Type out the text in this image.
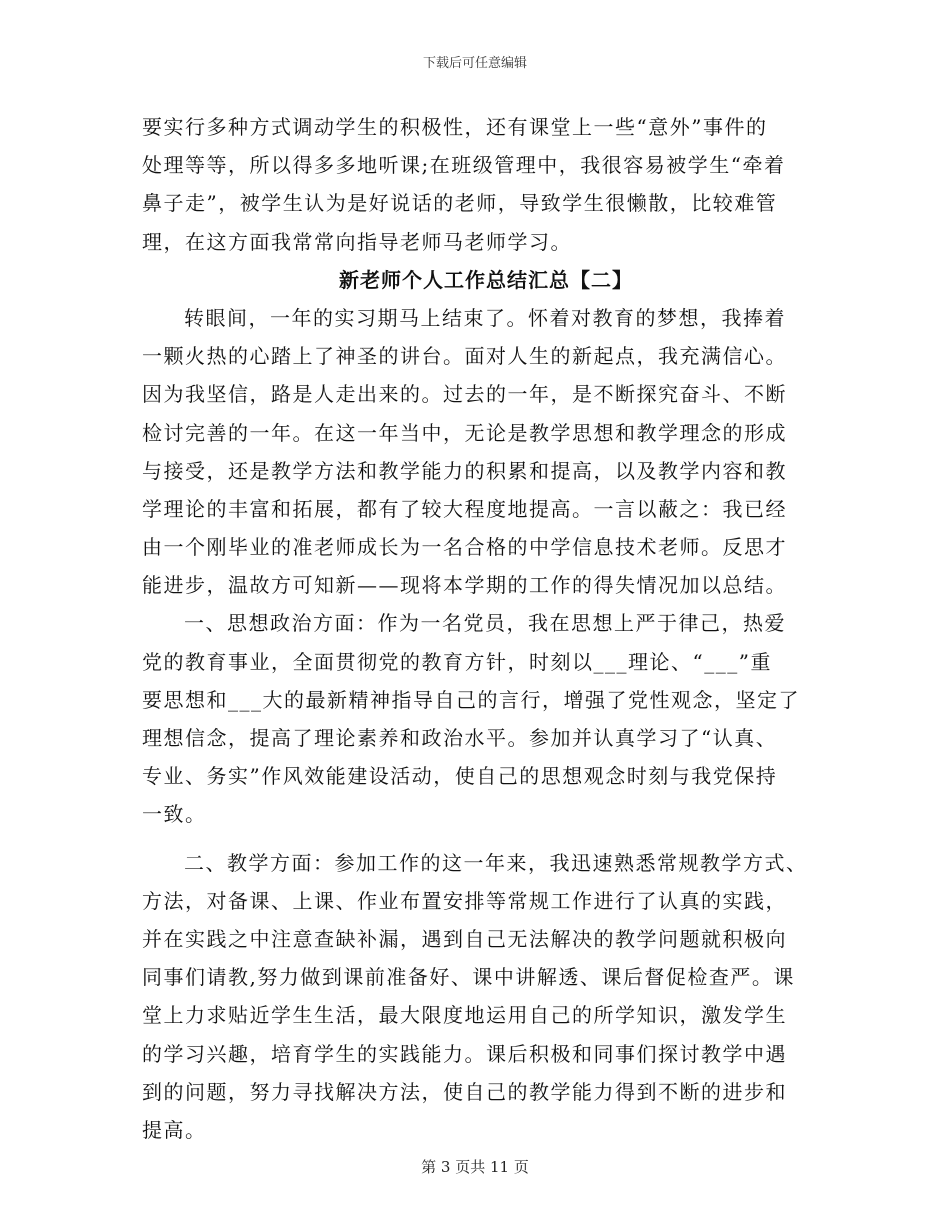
下载后可任意编辑
要实行多种方式调动学生的积极性，还有课堂上一些“意外”事件的
处理等等，所以得多多地听课;在班级管理中，我很容易被学生“牵着
鼻子走”，被学生认为是好说话的老师，导致学生很懒散，比较难管
理，在这方面我常常向指导老师马老师学习。
新老师个人工作总结汇总【二】
转眼间，一年的实习期马上结束了。怀着对教育的梦想，我捧着
一颗火热的心踏上了神圣的讲台。面对人生的新起点，我充满信心。
因为我坚信，路是人走出来的。过去的一年，是不断探究奋斗、不断
检讨完善的一年。在这一年当中，无论是教学思想和教学理念的形成
与接受，还是教学方法和教学能力的积累和提高，以及教学内容和教
学理论的丰富和拓展，都有了较大程度地提高。一言以蔽之：我已经
由一个刚毕业的准老师成长为一名合格的中学信息技术老师。反思才
能进步，温故方可知新——现将本学期的工作的得失情况加以总结。
一、思想政治方面：作为一名党员，我在思想上严于律己，热爱
党的教育事业，全面贯彻党的教育方针，时刻以___理论、“___”重
要思想和___大的最新精神指导自己的言行，增强了党性观念，坚定了
理想信念，提高了理论素养和政治水平。参加并认真学习了“认真、
专业、务实”作风效能建设活动，使自己的思想观念时刻与我党保持
一致。
二、教学方面：参加工作的这一年来，我迅速熟悉常规教学方式、
方法，对备课、上课、作业布置安排等常规工作进行了认真的实践，
并在实践之中注意查缺补漏，遇到自己无法解决的教学问题就积极向
同事们请教,努力做到课前准备好、课中讲解透、课后督促检查严。课
堂上力求贴近学生生活，最大限度地运用自己的所学知识，激发学生
的学习兴趣，培育学生的实践能力。课后积极和同事们探讨教学中遇
到的问题，努力寻找解决方法，使自己的教学能力得到不断的进步和
提高。
第 3 页共 11 页
